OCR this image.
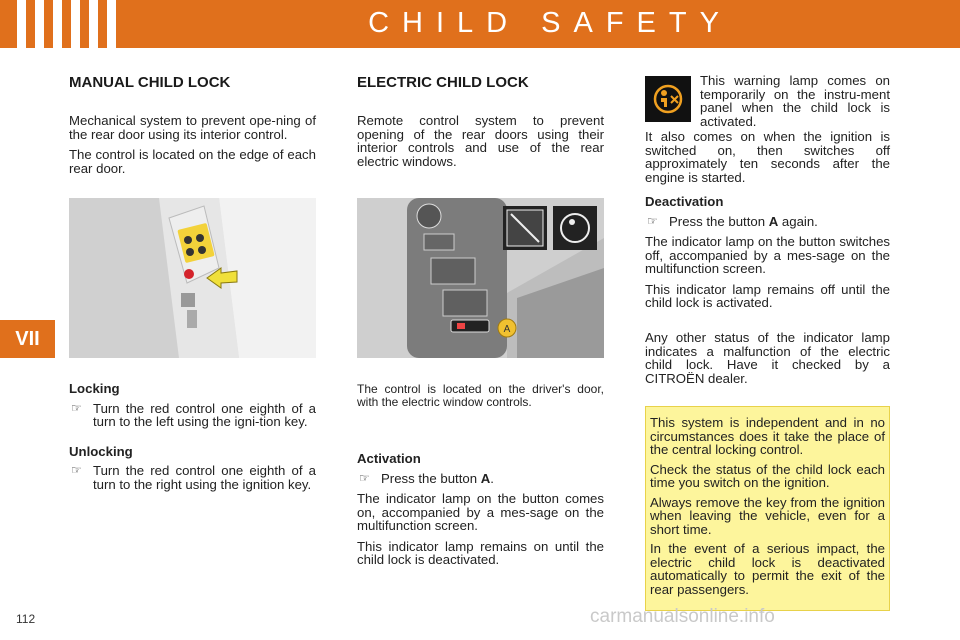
CHILD SAFETY
VII
112
MANUAL CHILD LOCK

Mechanical system to prevent ope-ning of the rear door using its interior control.

The control is located on the edge of each rear door.

Locking
☞ Turn the red control one eighth of a turn to the left using the igni-tion key.
Unlocking
☞ Turn the red control one eighth of a turn to the right using the ignition key.
ELECTRIC CHILD LOCK

Remote control system to prevent opening of the rear doors using their interior controls and use of the rear electric windows.

A

The control is located on the driver's door, with the electric window controls.

Activation
☞ Press the button A.

The indicator lamp on the button comes on, accompanied by a mes-sage on the multifunction screen.

This indicator lamp remains on until the child lock is deactivated.

This warning lamp comes on temporarily on the instru-ment panel when the child lock is activated.

It also comes on when the ignition is switched on, then switches off approximately ten seconds after the engine is started.

Deactivation
☞ Press the button A again.

The indicator lamp on the button switches off, accompanied by a mes-sage on the multifunction screen.

This indicator lamp remains off until the child lock is activated.

Any other status of the indicator lamp indicates a malfunction of the electric child lock. Have it checked by a CITROËN dealer.

This system is independent and in no circumstances does it take the place of the central locking control.

Check the status of the child lock each time you switch on the ignition.

Always remove the key from the ignition when leaving the vehicle, even for a short time.

In the event of a serious impact, the electric child lock is deactivated automatically to permit the exit of the rear passengers.

carmanualsonline.info
